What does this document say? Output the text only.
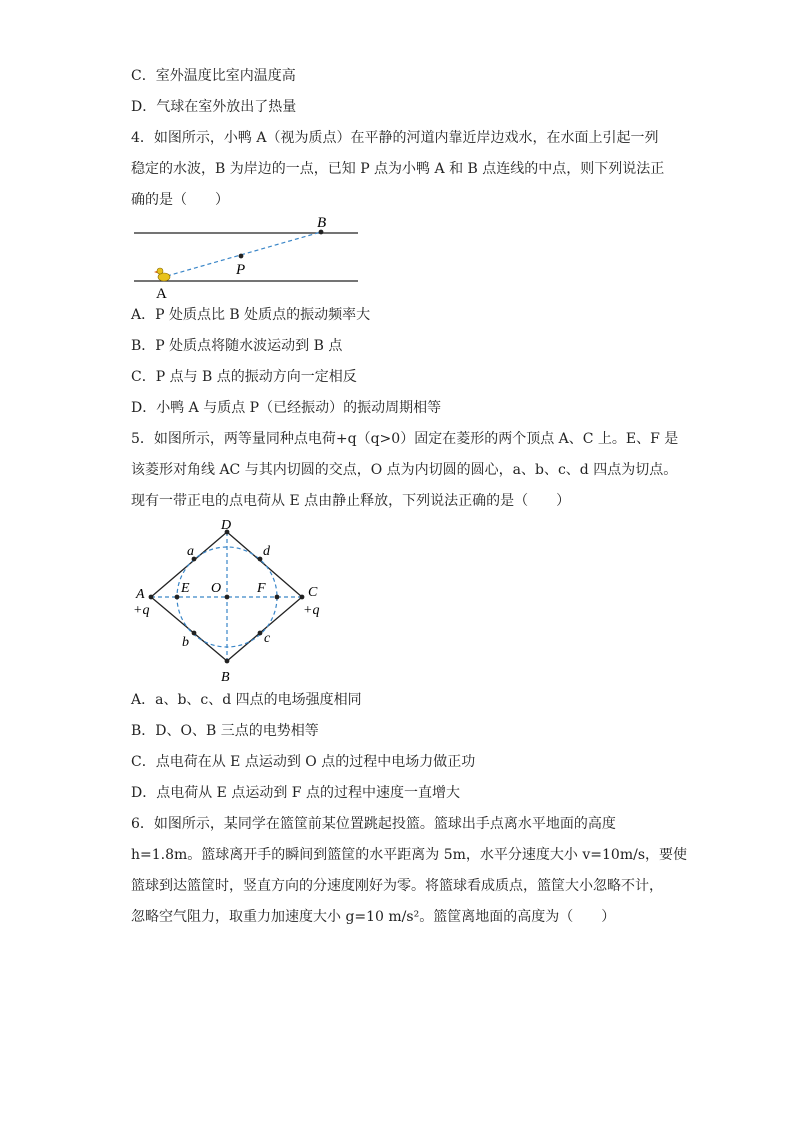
C．室外温度比室内温度高
D．气球在室外放出了热量
4．如图所示，小鸭 A（视为质点）在平静的河道内靠近岸边戏水，在水面上引起一列
稳定的水波，B 为岸边的一点，已知 P 点为小鸭 A 和 B 点连线的中点，则下列说法正
确的是（　　）
B
P
A
A．P 处质点比 B 处质点的振动频率大
B．P 处质点将随水波运动到 B 点
C．P 点与 B 点的振动方向一定相反
D．小鸭 A 与质点 P（已经振动）的振动周期相等
5．如图所示，两等量同种点电荷+q（q>0）固定在菱形的两个顶点 A、C 上。E、F 是
该菱形对角线 AC 与其内切圆的交点，O 点为内切圆的圆心，a、b、c、d 四点为切点。
现有一带正电的点电荷从 E 点由静止释放，下列说法正确的是（　　）
D
B
A	C
+q	+q
E O	F
a	d
b	c
A．a、b、c、d 四点的电场强度相同
B．D、O、B 三点的电势相等
C．点电荷在从 E 点运动到 O 点的过程中电场力做正功
D．点电荷从 E 点运动到 F 点的过程中速度一直增大
6．如图所示，某同学在篮筐前某位置跳起投篮。篮球出手点离水平地面的高度
h=1.8m。篮球离开手的瞬间到篮筐的水平距离为 5m，水平分速度大小 v=10m/s，要使
篮球到达篮筐时，竖直方向的分速度刚好为零。将篮球看成质点，篮筐大小忽略不计，
忽略空气阻力，取重力加速度大小 g=10 m/s²。篮筐离地面的高度为（　　）
